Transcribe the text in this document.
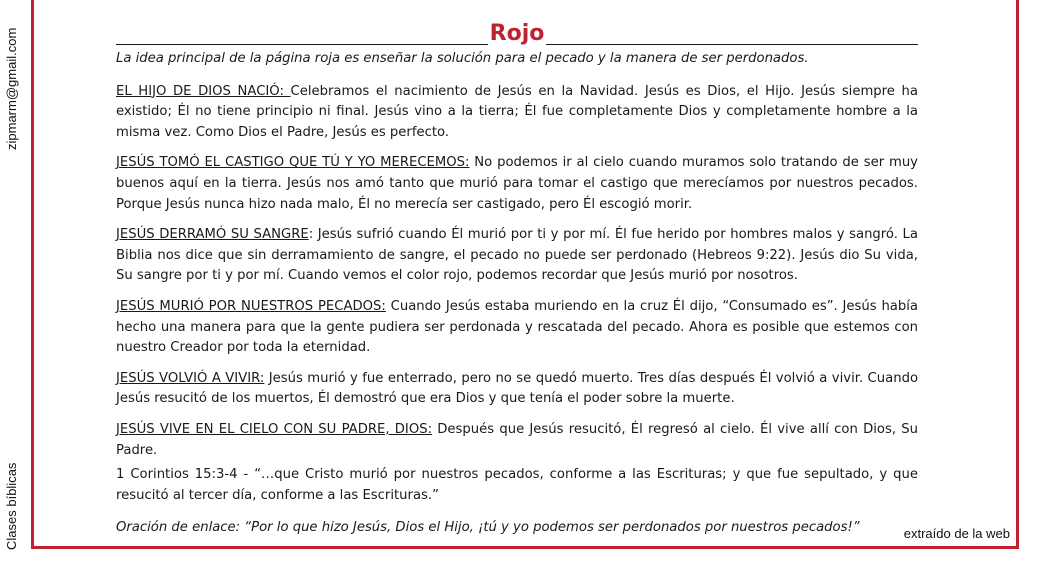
zipmarm@gmail.com
Clases bíblicas
Rojo

La idea principal de la página roja es enseñar la solución para el pecado y la manera de ser perdonados.

EL HIJO DE DIOS NACIÓ: Celebramos el nacimiento de Jesús en la Navidad. Jesús es Dios, el Hijo. Jesús siempre ha existido; Él no tiene principio ni final. Jesús vino a la tierra; Él fue completamente Dios y completamente hombre a la misma vez. Como Dios el Padre, Jesús es perfecto.

JESÚS TOMÓ EL CASTIGO QUE TÚ Y YO MERECEMOS: No podemos ir al cielo cuando muramos solo tratando de ser muy buenos aquí en la tierra. Jesús nos amó tanto que murió para tomar el castigo que merecíamos por nuestros pecados. Porque Jesús nunca hizo nada malo, Él no merecía ser castigado, pero Él escogió morir.

JESÚS DERRAMÓ SU SANGRE: Jesús sufrió cuando Él murió por ti y por mí. Él fue herido por hombres malos y sangró. La Biblia nos dice que sin derramamiento de sangre, el pecado no puede ser perdonado (Hebreos 9:22). Jesús dio Su vida, Su sangre por ti y por mí. Cuando vemos el color rojo, podemos recordar que Jesús murió por nosotros.

JESÚS MURIÓ POR NUESTROS PECADOS: Cuando Jesús estaba muriendo en la cruz Él dijo, “Consumado es”. Jesús había hecho una manera para que la gente pudiera ser perdonada y rescatada del pecado. Ahora es posible que estemos con nuestro Creador por toda la eternidad.

JESÚS VOLVIÓ A VIVIR: Jesús murió y fue enterrado, pero no se quedó muerto. Tres días después Él volvió a vivir. Cuando Jesús resucitó de los muertos, Él demostró que era Dios y que tenía el poder sobre la muerte.

JESÚS VIVE EN EL CIELO CON SU PADRE, DIOS: Después que Jesús resucitó, Él regresó al cielo. Él vive allí con Dios, Su Padre.

1 Corintios 15:3-4 - “…que Cristo murió por nuestros pecados, conforme a las Escrituras; y que fue sepultado, y que resucitó al tercer día, conforme a las Escrituras.”

Oración de enlace: “Por lo que hizo Jesús, Dios el Hijo, ¡tú y yo podemos ser perdonados por nuestros pecados!”	extraído de la web
